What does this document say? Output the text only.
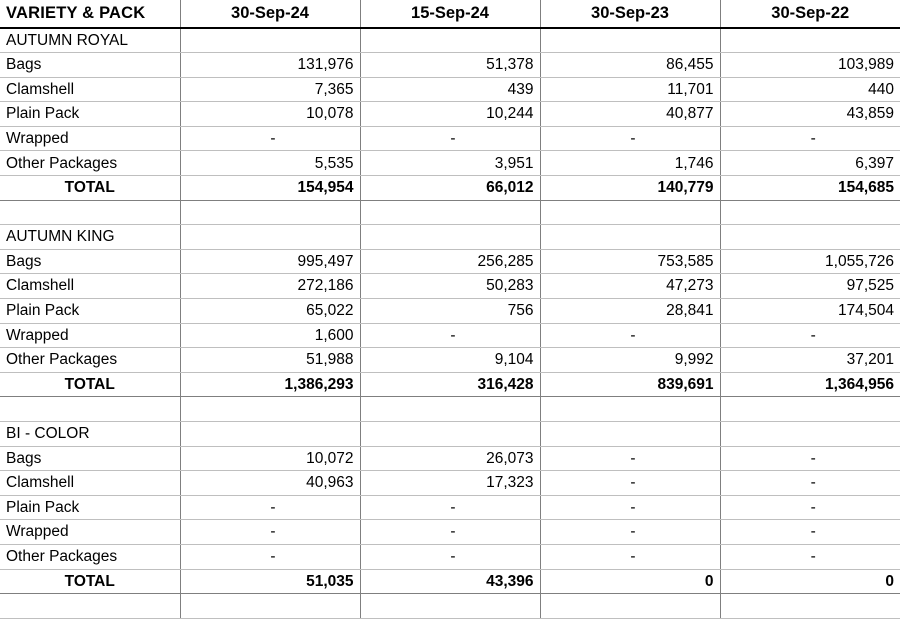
VARIETY & PACK	30-Sep-24	15-Sep-24	30-Sep-23	30-Sep-22
AUTUMN ROYAL				
Bags	131,976	51,378	86,455	103,989
Clamshell	7,365	439	11,701	440
Plain Pack	10,078	10,244	40,877	43,859
Wrapped	-	-	-	-
Other Packages	5,535	3,951	1,746	6,397
TOTAL	154,954	66,012	140,779	154,685

AUTUMN KING				
Bags	995,497	256,285	753,585	1,055,726
Clamshell	272,186	50,283	47,273	97,525
Plain Pack	65,022	756	28,841	174,504
Wrapped	1,600	-	-	-
Other Packages	51,988	9,104	9,992	37,201
TOTAL	1,386,293	316,428	839,691	1,364,956

BI - COLOR				
Bags	10,072	26,073	-	-
Clamshell	40,963	17,323	-	-
Plain Pack	-	-	-	-
Wrapped	-	-	-	-
Other Packages	-	-	-	-
TOTAL	51,035	43,396	0	0
